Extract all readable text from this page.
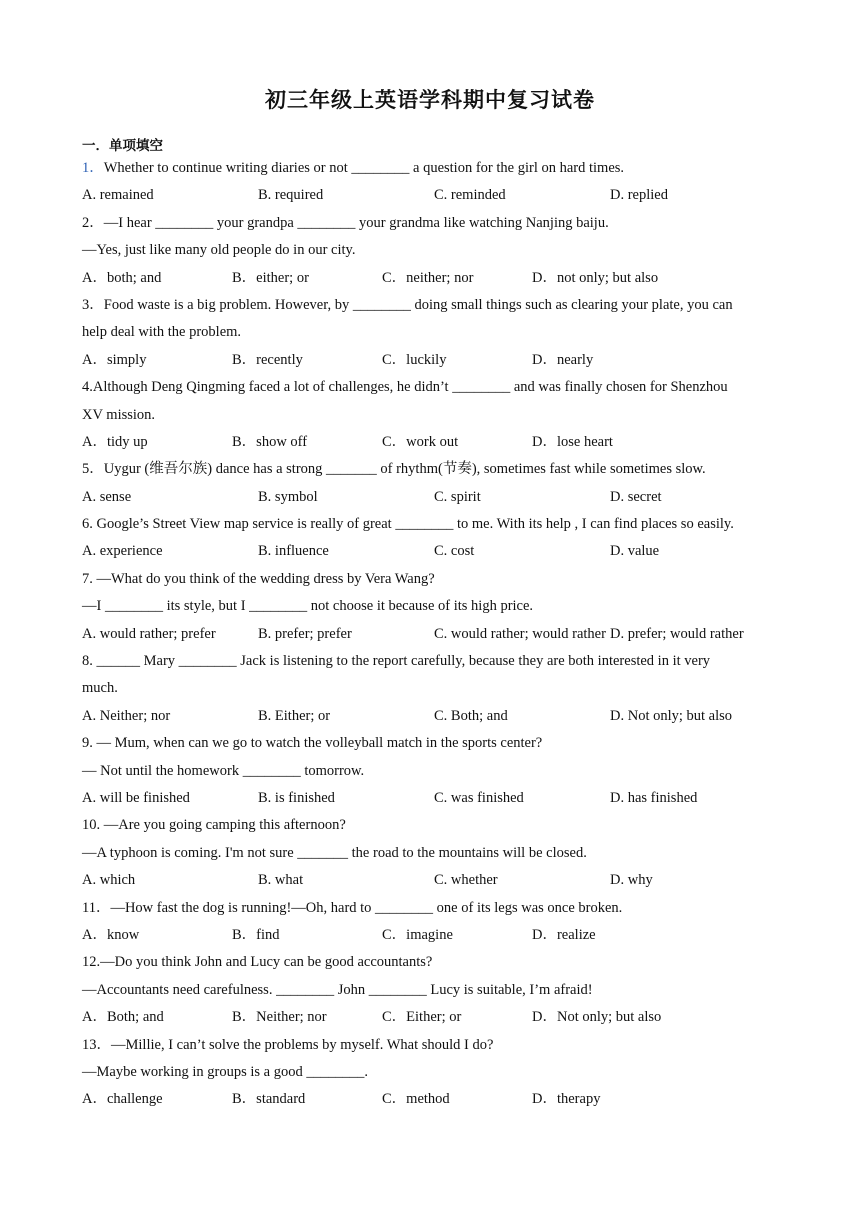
初三年级上英语学科期中复习试卷
一．单项填空
1．Whether to continue writing diaries or not ________ a question for the girl on hard times.
A. remained	B. required	C. reminded	D. replied
2．—I hear ________ your grandpa ________ your grandma like watching Nanjing baiju.
—Yes, just like many old people do in our city.
A．both; and	B．either; or	C．neither; nor	D．not only; but also
3．Food waste is a big problem. However, by ________ doing small things such as clearing your plate, you can
help deal with the problem.
A．simply	B．recently	C．luckily	D．nearly
4.Although Deng Qingming faced a lot of challenges, he didn’t ________ and was finally chosen for Shenzhou
XV mission.
A．tidy up	B．show off	C．work out	D．lose heart
5．Uygur (维吾尔族) dance has a strong _______ of rhythm(节奏), sometimes fast while sometimes slow.
A. sense	B. symbol	C. spirit	D. secret
6. Google’s Street View map service is really of great ________ to me. With its help , I can find places so easily.
A. experience	B. influence	C. cost	D. value
7. —What do you think of the wedding dress by Vera Wang?
—I ________ its style, but I ________ not choose it because of its high price.
A. would rather; prefer	B. prefer; prefer	C. would rather; would rather D. prefer; would rather
8. ______ Mary ________ Jack is listening to the report carefully, because they are both interested in it very
much.
A. Neither; nor	B. Either; or	C. Both; and	D. Not only; but also
9. — Mum, when can we go to watch the volleyball match in the sports center?
— Not until the homework ________ tomorrow.
A. will be finished	B. is finished	C. was finished	D. has finished
10. —Are you going camping this afternoon?
—A typhoon is coming. I'm not sure _______ the road to the mountains will be closed.
A. which	B. what	C. whether	D. why
11．—How fast the dog is running!—Oh, hard to ________ one of its legs was once broken.
A．know	B．find	C．imagine	D．realize
12.—Do you think John and Lucy can be good accountants?
—Accountants need carefulness. ________ John ________ Lucy is suitable, I’m afraid!
A．Both; and	B．Neither; nor	C．Either; or	D．Not only; but also
13．—Millie, I can’t solve the problems by myself. What should I do?
—Maybe working in groups is a good ________.
A．challenge	B．standard	C．method	D．therapy
